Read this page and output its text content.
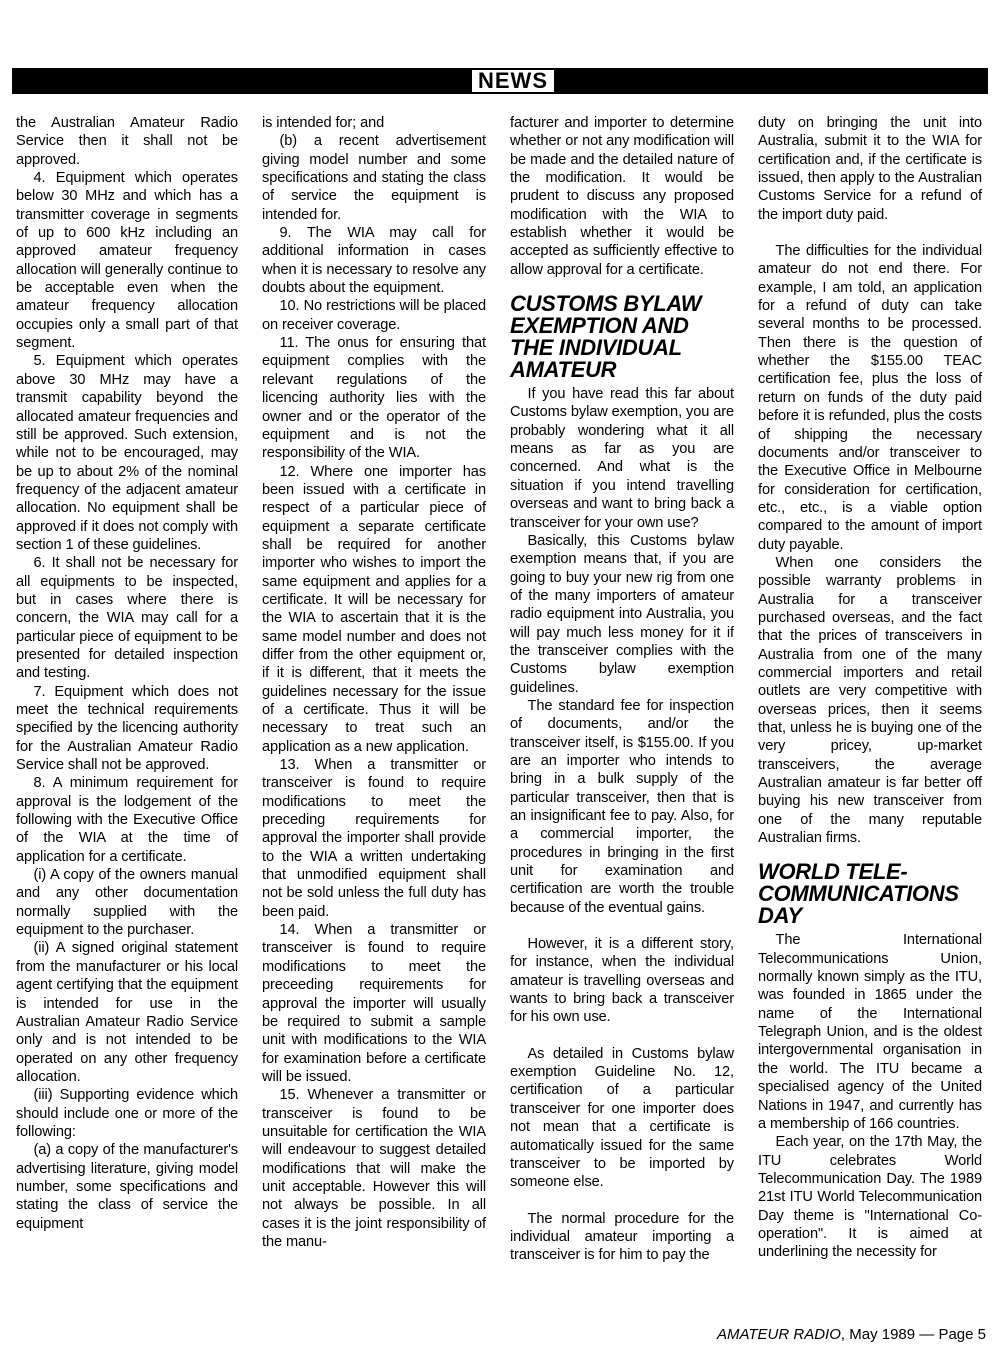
NEWS

the Australian Amateur Radio Service then it shall not be approved.

4. Equipment which operates below 30 MHz and which has a transmitter coverage in segments of up to 600 kHz including an approved amateur frequency allocation will generally continue to be acceptable even when the amateur frequency allocation occupies only a small part of that segment.

5. Equipment which operates above 30 MHz may have a transmit capability beyond the allocated amateur frequencies and still be approved. Such extension, while not to be encouraged, may be up to about 2% of the nominal frequency of the adjacent amateur allocation. No equipment shall be approved if it does not comply with section 1 of these guidelines.

6. It shall not be necessary for all equipments to be inspected, but in cases where there is concern, the WIA may call for a particular piece of equipment to be presented for detailed inspection and testing.

7. Equipment which does not meet the technical requirements specified by the licencing authority for the Australian Amateur Radio Service shall not be approved.

8. A minimum requirement for approval is the lodgement of the following with the Executive Office of the WIA at the time of application for a certificate.

(i) A copy of the owners manual and any other documentation normally supplied with the equipment to the purchaser.

(ii) A signed original statement from the manufacturer or his local agent certifying that the equipment is intended for use in the Australian Amateur Radio Service only and is not intended to be operated on any other frequency allocation.

(iii) Supporting evidence which should include one or more of the following:

(a) a copy of the manufacturer's advertising literature, giving model number, some specifications and stating the class of service the equipment

is intended for; and

(b) a recent advertisement giving model number and some specifications and stating the class of service the equipment is intended for.

9. The WIA may call for additional information in cases when it is necessary to resolve any doubts about the equipment.

10. No restrictions will be placed on receiver coverage.

11. The onus for ensuring that equipment complies with the relevant regulations of the licencing authority lies with the owner and or the operator of the equipment and is not the responsibility of the WIA.

12. Where one importer has been issued with a certificate in respect of a particular piece of equipment a separate certificate shall be required for another importer who wishes to import the same equipment and applies for a certificate. It will be necessary for the WIA to ascertain that it is the same model number and does not differ from the other equipment or, if it is different, that it meets the guidelines necessary for the issue of a certificate. Thus it will be necessary to treat such an application as a new application.

13. When a transmitter or transceiver is found to require modifications to meet the preceding requirements for approval the importer shall provide to the WIA a written undertaking that unmodified equipment shall not be sold unless the full duty has been paid.

14. When a transmitter or transceiver is found to require modifications to meet the preceeding requirements for approval the importer will usually be required to submit a sample unit with modifications to the WIA for examination before a certificate will be issued.

15. Whenever a transmitter or transceiver is found to be unsuitable for certification the WIA will endeavour to suggest detailed modifications that will make the unit acceptable. However this will not always be possible. In all cases it is the joint responsibility of the manu-

facturer and importer to determine whether or not any modification will be made and the detailed nature of the modification. It would be prudent to discuss any proposed modification with the WIA to establish whether it would be accepted as sufficiently effective to allow approval for a certificate.

CUSTOMS BYLAW EXEMPTION AND THE INDIVIDUAL AMATEUR

If you have read this far about Customs bylaw exemption, you are probably wondering what it all means as far as you are concerned. And what is the situation if you intend travelling overseas and want to bring back a transceiver for your own use?

Basically, this Customs bylaw exemption means that, if you are going to buy your new rig from one of the many importers of amateur radio equipment into Australia, you will pay much less money for it if the transceiver complies with the Customs bylaw exemption guidelines.

The standard fee for inspection of documents, and/or the transceiver itself, is $155.00. If you are an importer who intends to bring in a bulk supply of the particular transceiver, then that is an insignificant fee to pay. Also, for a commercial importer, the procedures in bringing in the first unit for examination and certification are worth the trouble because of the eventual gains.

However, it is a different story, for instance, when the individual amateur is travelling overseas and wants to bring back a transceiver for his own use.

As detailed in Customs bylaw exemption Guideline No. 12, certification of a particular transceiver for one importer does not mean that a certificate is automatically issued for the same transceiver to be imported by someone else.

The normal procedure for the individual amateur importing a transceiver is for him to pay the

duty on bringing the unit into Australia, submit it to the WIA for certification and, if the certificate is issued, then apply to the Australian Customs Service for a refund of the import duty paid.

The difficulties for the individual amateur do not end there. For example, I am told, an application for a refund of duty can take several months to be processed. Then there is the question of whether the $155.00 TEAC certification fee, plus the loss of return on funds of the duty paid before it is refunded, plus the costs of shipping the necessary documents and/or transceiver to the Executive Office in Melbourne for consideration for certification, etc., etc., is a viable option compared to the amount of import duty payable.

When one considers the possible warranty problems in Australia for a transceiver purchased overseas, and the fact that the prices of transceivers in Australia from one of the many commercial importers and retail outlets are very competitive with overseas prices, then it seems that, unless he is buying one of the very pricey, up-market transceivers, the average Australian amateur is far better off buying his new transceiver from one of the many reputable Australian firms.

WORLD TELE-COMMUNICATIONS DAY

The International Telecommunications Union, normally known simply as the ITU, was founded in 1865 under the name of the International Telegraph Union, and is the oldest intergovernmental organisation in the world. The ITU became a specialised agency of the United Nations in 1947, and currently has a membership of 166 countries.

Each year, on the 17th May, the ITU celebrates World Telecommunication Day. The 1989 21st ITU World Telecommunication Day theme is "International Co-operation". It is aimed at underlining the necessity for

AMATEUR RADIO, May 1989 — Page 5
